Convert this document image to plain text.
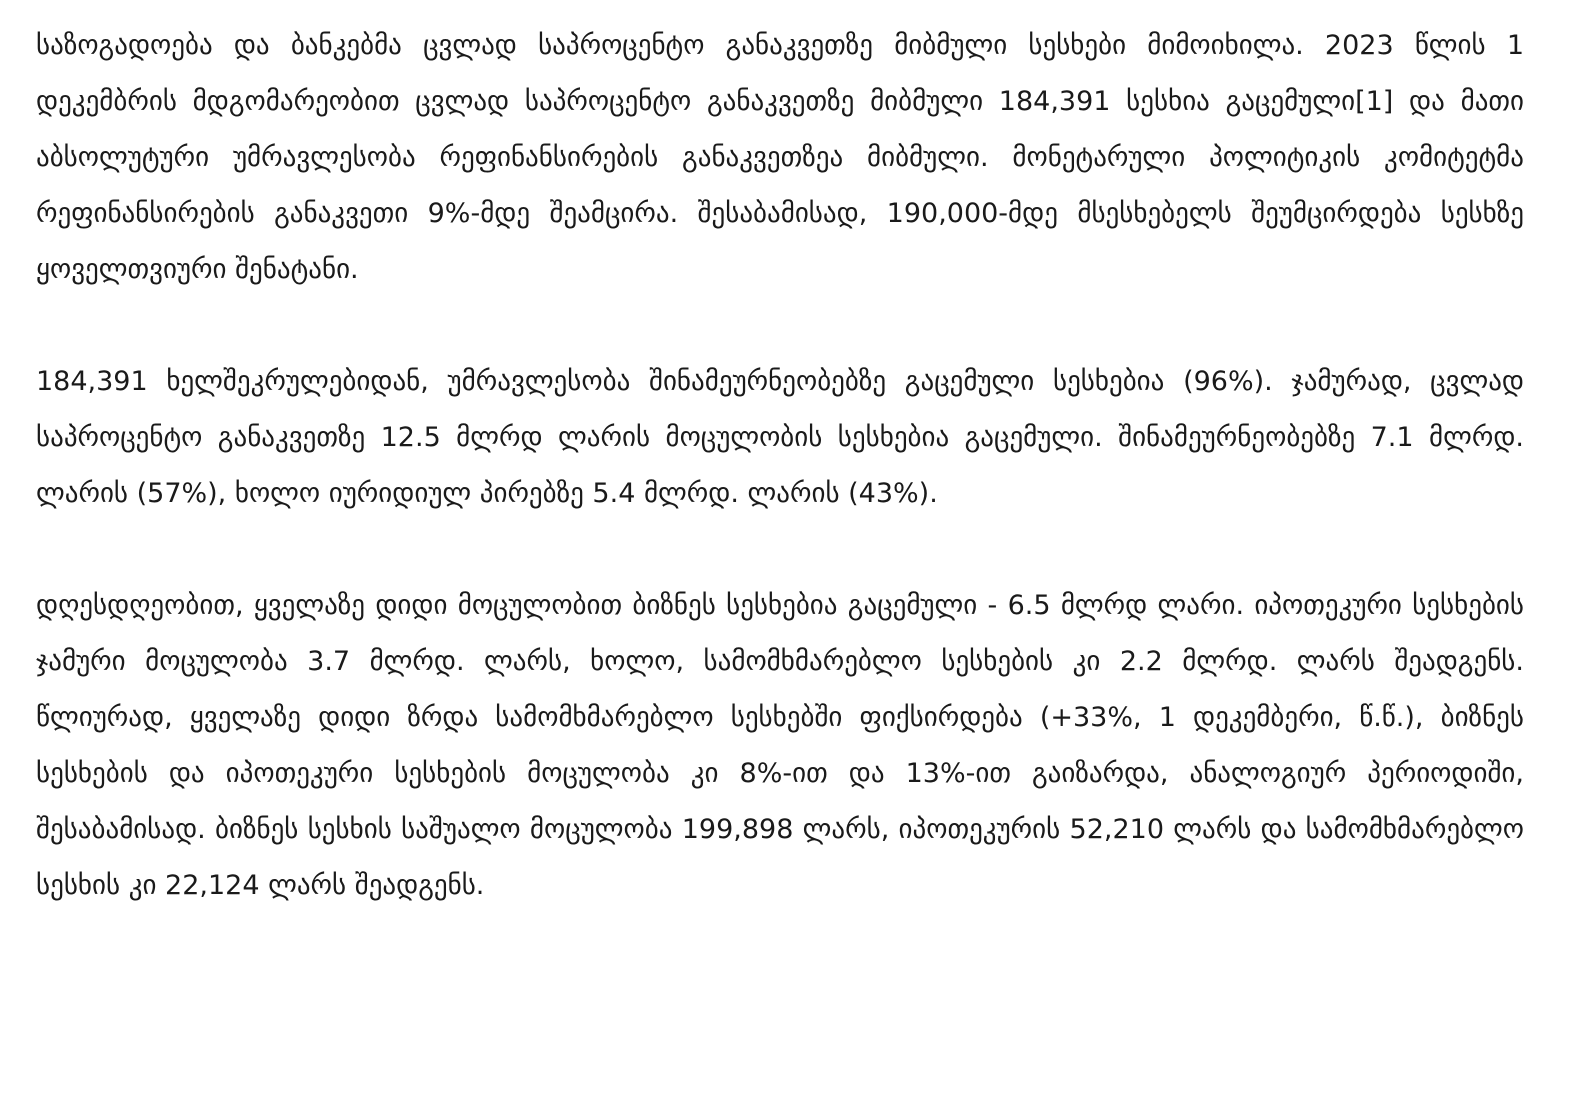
საზოგადოება და ბანკებმა ცვლად საპროცენტო განაკვეთზე მიბმული სესხები მიმოიხილა. 2023 წლის 1 დეკემბრის მდგომარეობით ცვლად საპროცენტო განაკვეთზე მიბმული 184,391 სესხია გაცემული[1] და მათი აბსოლუტური უმრავლესობა რეფინანსირების განაკვეთზეა მიბმული. მონეტარული პოლიტიკის კომიტეტმა რეფინანსირების განაკვეთი 9%-მდე შეამცირა. შესაბამისად, 190,000-მდე მსესხებელს შეუმცირდება სესხზე ყოველთვიური შენატანი.

184,391 ხელშეკრულებიდან, უმრავლესობა შინამეურნეობებზე გაცემული სესხებია (96%). ჯამურად, ცვლად საპროცენტო განაკვეთზე 12.5 მლრდ ლარის მოცულობის სესხებია გაცემული. შინამეურნეობებზე 7.1 მლრდ. ლარის (57%), ხოლო იურიდიულ პირებზე 5.4 მლრდ. ლარის (43%).

დღესდღეობით, ყველაზე დიდი მოცულობით ბიზნეს სესხებია გაცემული - 6.5 მლრდ ლარი. იპოთეკური სესხების ჯამური მოცულობა 3.7 მლრდ. ლარს, ხოლო, სამომხმარებლო სესხების კი 2.2 მლრდ. ლარს შეადგენს. წლიურად, ყველაზე დიდი ზრდა სამომხმარებლო სესხებში ფიქსირდება (+33%, 1 დეკემბერი, წ.წ.), ბიზნეს სესხების და იპოთეკური სესხების მოცულობა კი 8%-ით და 13%-ით გაიზარდა, ანალოგიურ პერიოდიში, შესაბამისად. ბიზნეს სესხის საშუალო მოცულობა 199,898 ლარს, იპოთეკურის 52,210 ლარს და სამომხმარებლო სესხის კი 22,124 ლარს შეადგენს.
